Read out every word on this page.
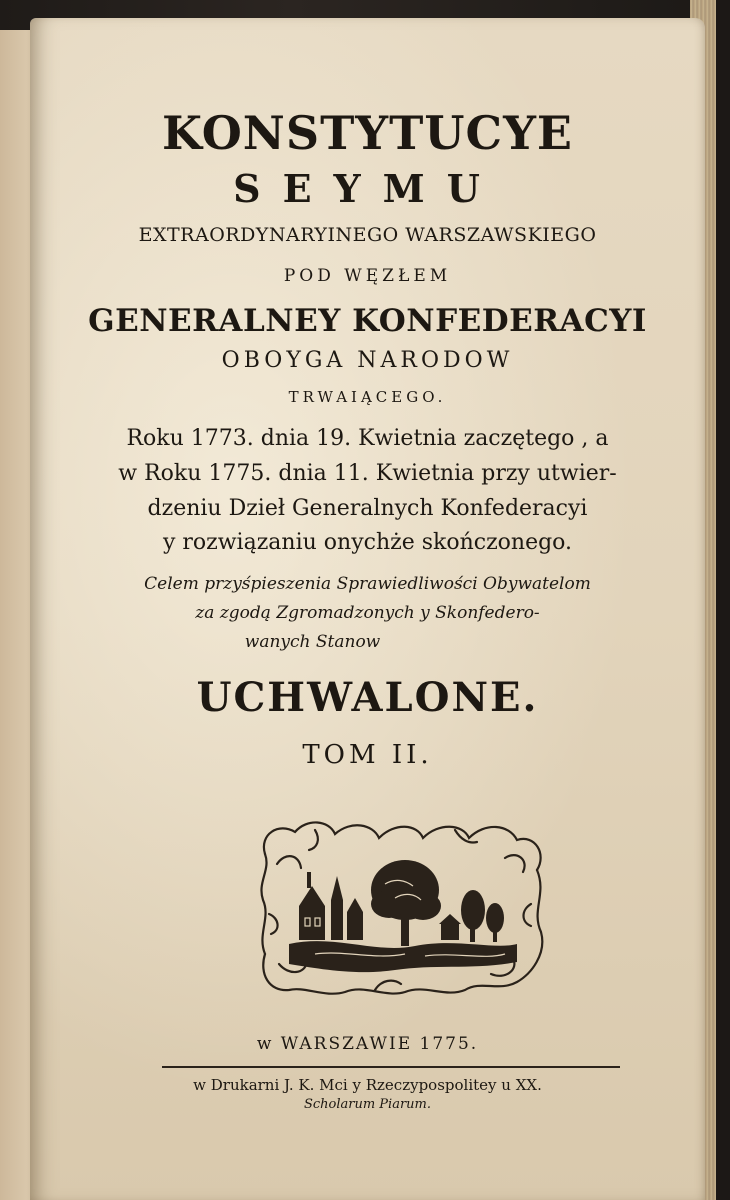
KONSTYTUCYE
SEYMU
EXTRAORDYNARYINEGO WARSZAWSKIEGO
POD WĘZŁEM
GENERALNEY KONFEDERACYI
OBOYGA NARODOW
TRWAIĄCEGO.
Roku 1773. dnia 19. Kwietnia zaczętego , a
w Roku 1775. dnia 11. Kwietnia przy utwier-
dzeniu Dzieł Generalnych Konfederacyi
y rozwiązaniu onychże skończonego.
Celem przyśpieszenia Sprawiedliwości Obywatelom
za zgodą Zgromadzonych y Skonfedero-
wanych Stanow
UCHWALONE.
TOM II.
w WARSZAWIE 1775.
w Drukarni J. K. Mci y Rzeczypospolitey u XX.
Scholarum Piarum.
